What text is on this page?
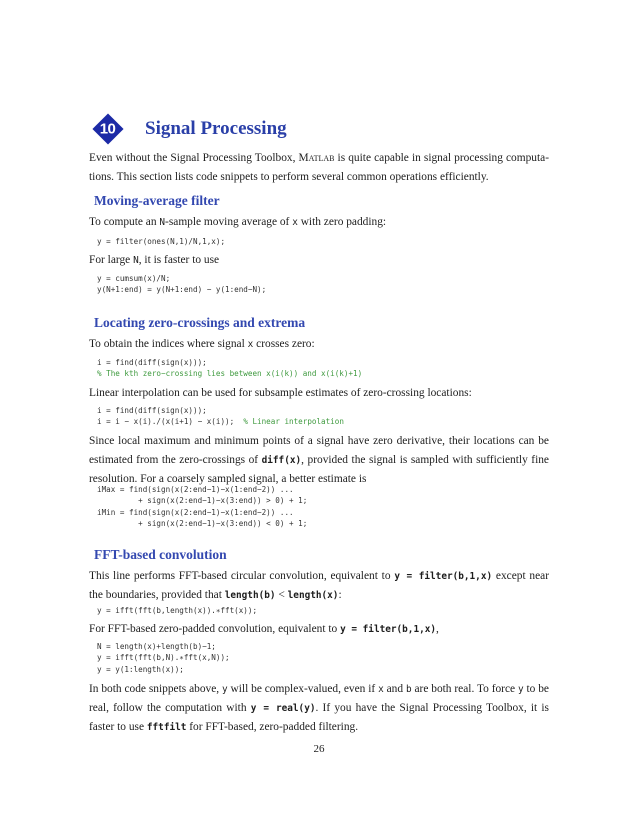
10 Signal Processing
Even without the Signal Processing Toolbox, Matlab is quite capable in signal processing computa-tions. This section lists code snippets to perform several common operations efficiently.
Moving-average filter
To compute an N-sample moving average of x with zero padding:
y = filter(ones(N,1)/N,1,x);
For large N, it is faster to use
y = cumsum(x)/N;
y(N+1:end) = y(N+1:end) − y(1:end−N);
Locating zero-crossings and extrema
To obtain the indices where signal x crosses zero:
i = find(diff(sign(x)));
% The kth zero−crossing lies between x(i(k)) and x(i(k)+1)
Linear interpolation can be used for subsample estimates of zero-crossing locations:
i = find(diff(sign(x)));
i = i − x(i)./(x(i+1) − x(i));  % Linear interpolation
Since local maximum and minimum points of a signal have zero derivative, their locations can be estimated from the zero-crossings of diff(x), provided the signal is sampled with sufficiently fine resolution. For a coarsely sampled signal, a better estimate is
iMax = find(sign(x(2:end−1)−x(1:end−2)) ...
+ sign(x(2:end−1)−x(3:end)) > 0) + 1;
iMin = find(sign(x(2:end−1)−x(1:end−2)) ...
+ sign(x(2:end−1)−x(3:end)) < 0) + 1;
FFT-based convolution
This line performs FFT-based circular convolution, equivalent to y = filter(b,1,x) except near the boundaries, provided that length(b) < length(x):
y = ifft(fft(b,length(x)).∗fft(x));
For FFT-based zero-padded convolution, equivalent to y = filter(b,1,x),
N = length(x)+length(b)−1;
y = ifft(fft(b,N).∗fft(x,N));
y = y(1:length(x));
In both code snippets above, y will be complex-valued, even if x and b are both real. To force y to be real, follow the computation with y = real(y). If you have the Signal Processing Toolbox, it is faster to use fftfilt for FFT-based, zero-padded filtering.
26
